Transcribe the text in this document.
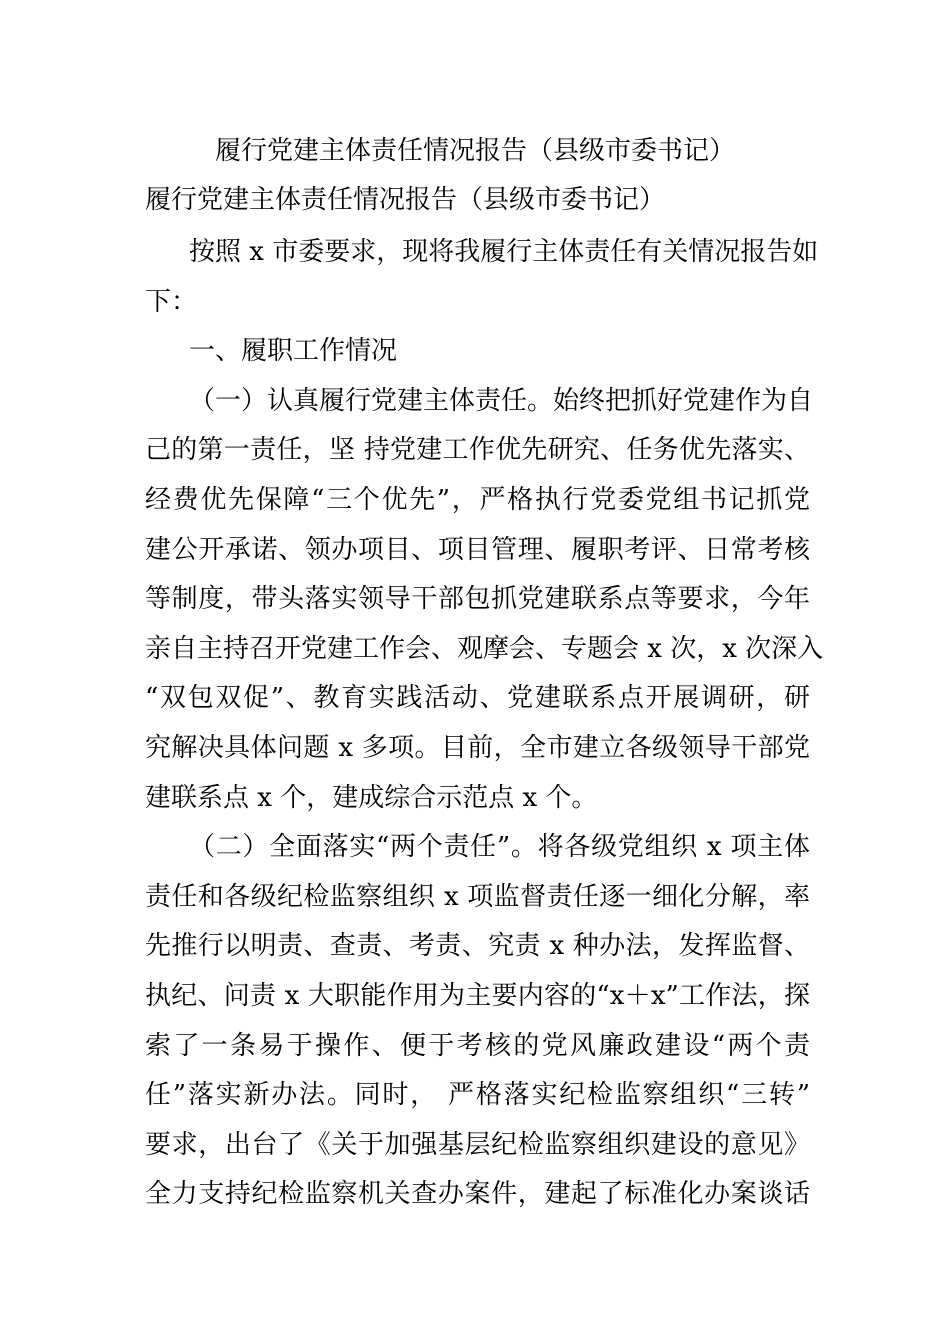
履行党建主体责任情况报告（县级市委书记）
履行党建主体责任情况报告（县级市委书记）
按照 x 市委要求，现将我履行主体责任有关情况报告如
下：
一、履职工作情况
（一）认真履行党建主体责任。始终把抓好党建作为自
己的第一责任，坚 持党建工作优先研究、任务优先落实、
经费优先保障“三个优先”，严格执行党委党组书记抓党
建公开承诺、领办项目、项目管理、履职考评、日常考核
等制度，带头落实领导干部包抓党建联系点等要求，今年
亲自主持召开党建工作会、观摩会、专题会 x 次，x 次深入
“双包双促”、教育实践活动、党建联系点开展调研，研
究解决具体问题 x 多项。目前，全市建立各级领导干部党
建联系点 x 个，建成综合示范点 x 个。
（二）全面落实“两个责任”。将各级党组织 x 项主体
责任和各级纪检监察组织 x 项监督责任逐一细化分解，率
先推行以明责、查责、考责、究责 x 种办法，发挥监督、
执纪、问责 x 大职能作用为主要内容的“x＋x”工作法，探
索了一条易于操作、便于考核的党风廉政建设“两个责
任”落实新办法。同时， 严格落实纪检监察组织“三转”
要求，出台了《关于加强基层纪检监察组织建设的意见》
全力支持纪检监察机关查办案件，建起了标准化办案谈话
